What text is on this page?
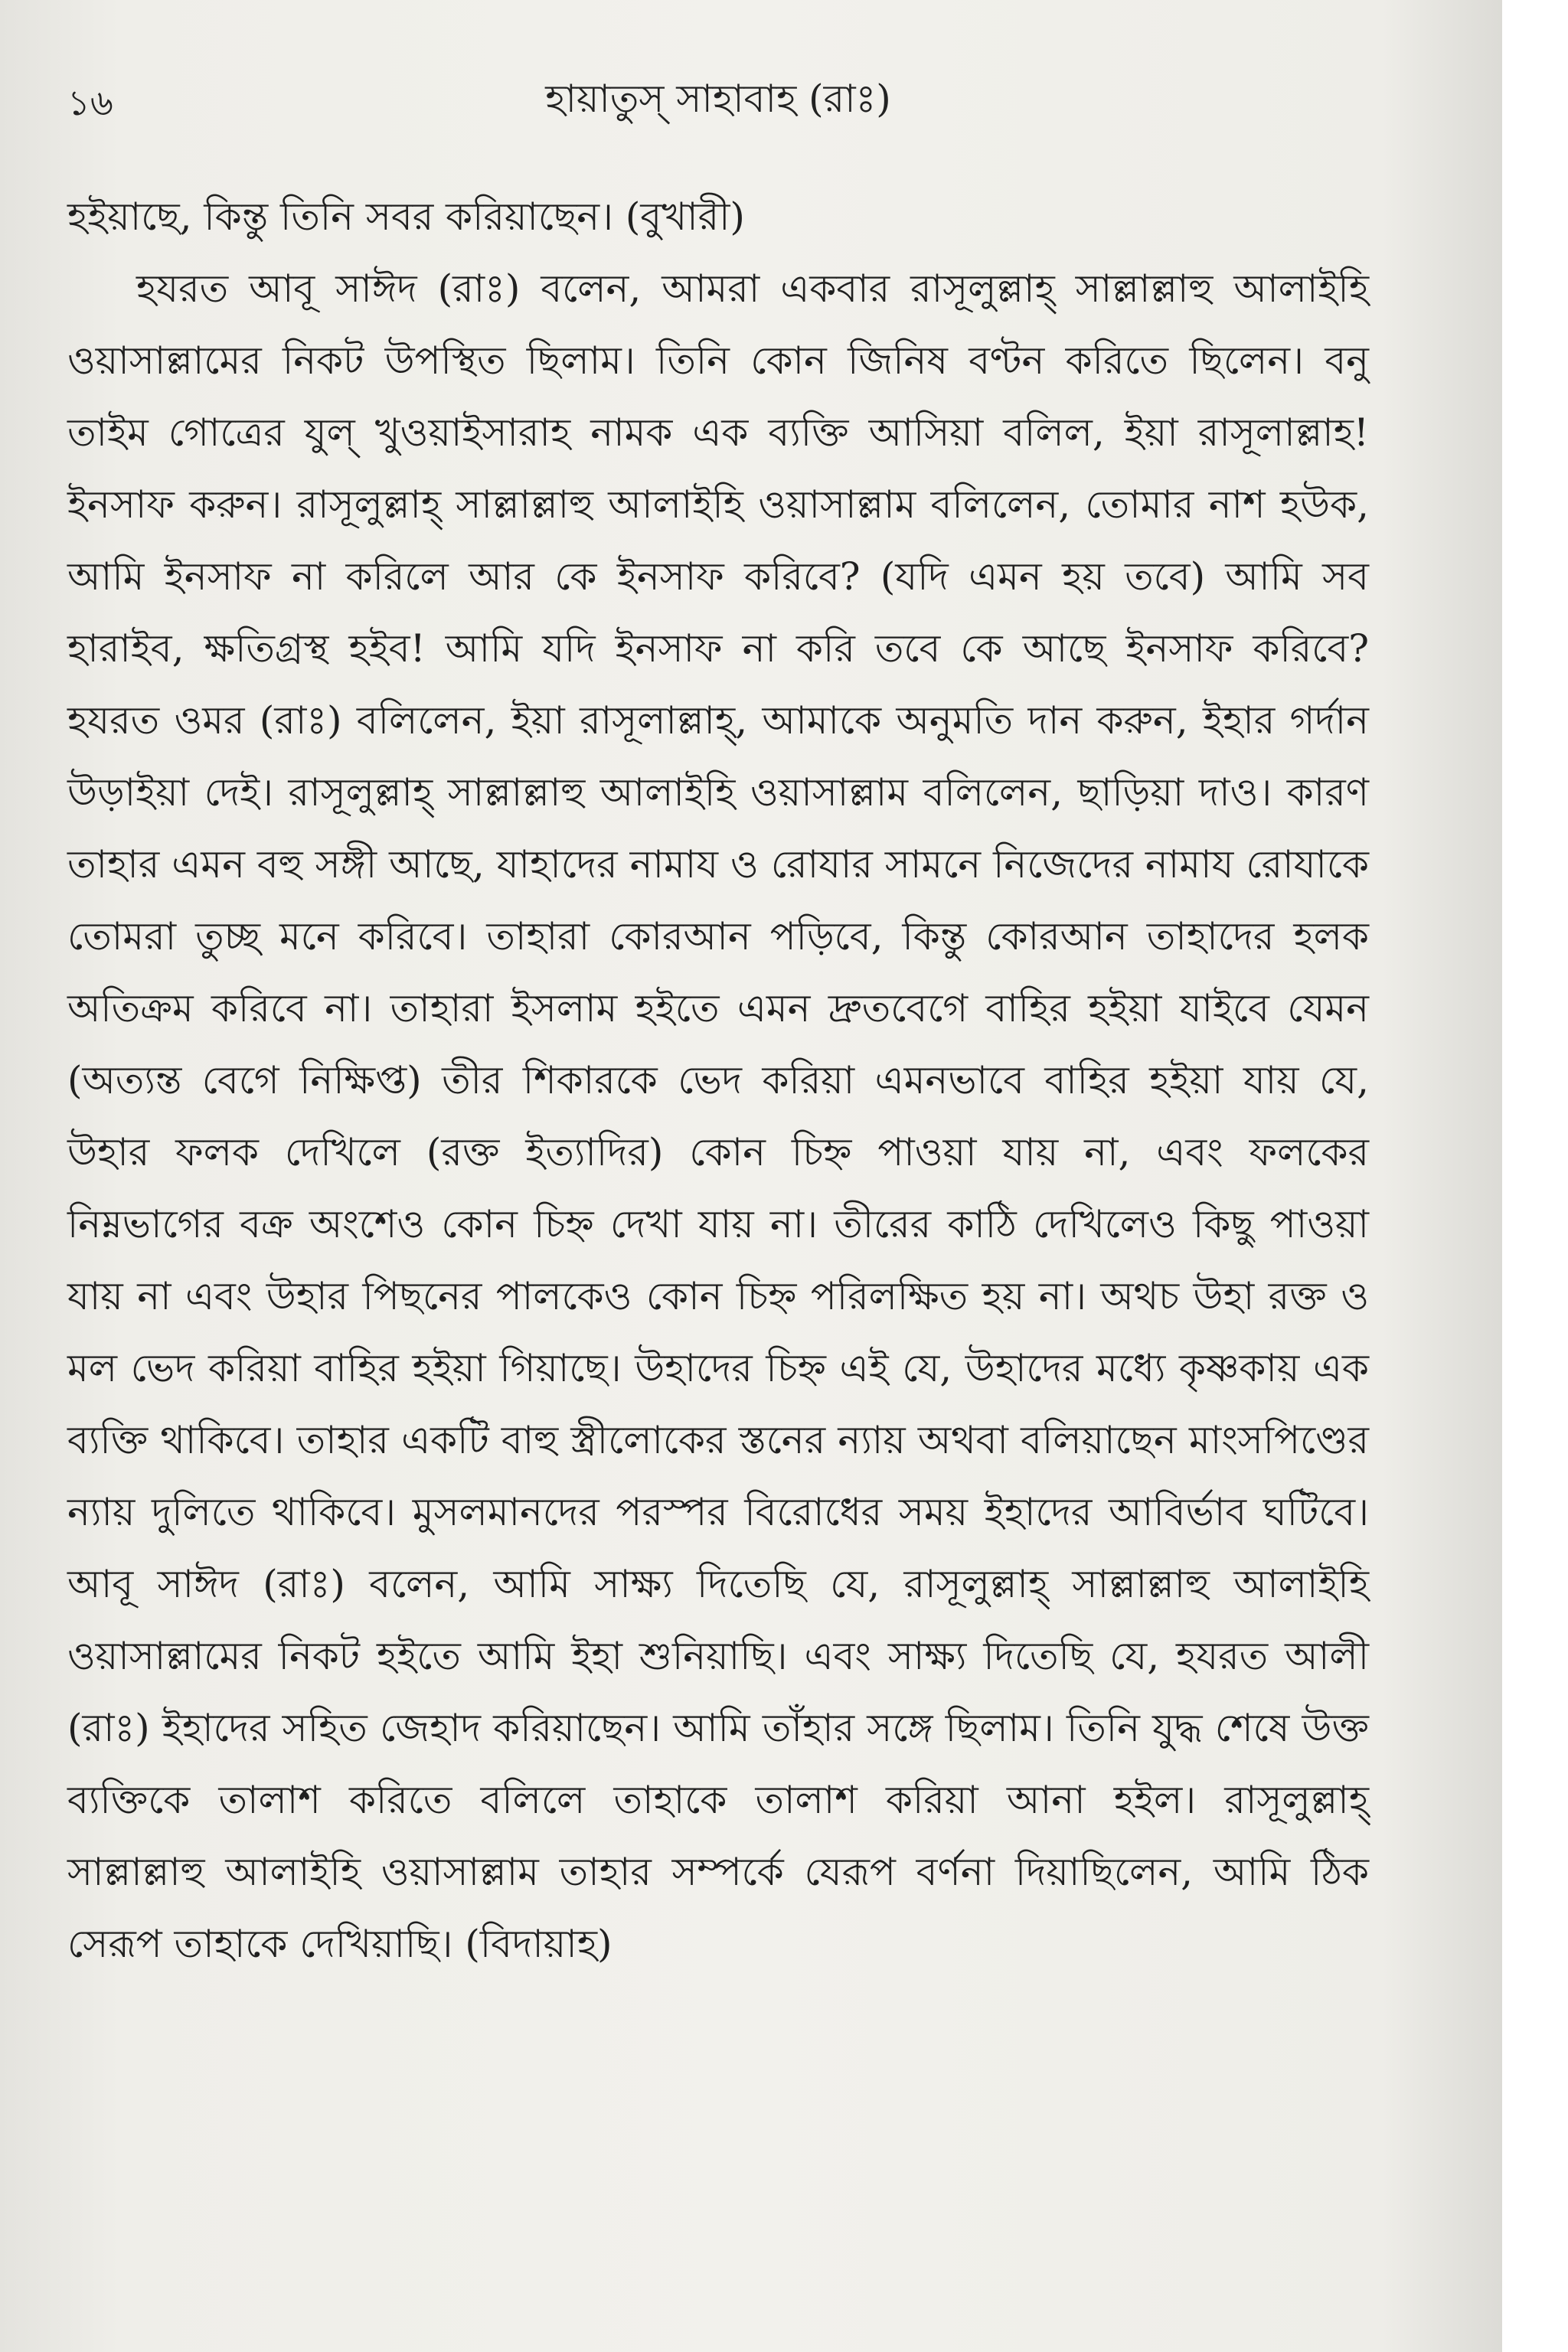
১৬	হায়াতুস্ সাহাবাহ (রাঃ)

হইয়াছে, কিন্তু তিনি সবর করিয়াছেন। (বুখারী)

হযরত আবূ সাঈদ (রাঃ) বলেন, আমরা একবার রাসূলুল্লাহ্ সাল্লাল্লাহু আলাইহি ওয়াসাল্লামের নিকট উপস্থিত ছিলাম। তিনি কোন জিনিষ বণ্টন করিতে ছিলেন। বনু তাইম গোত্রের যুল্ খুওয়াইসারাহ নামক এক ব্যক্তি আসিয়া বলিল, ইয়া রাসূলাল্লাহ! ইনসাফ করুন। রাসূলুল্লাহ্ সাল্লাল্লাহু আলাইহি ওয়াসাল্লাম বলিলেন, তোমার নাশ হউক, আমি ইনসাফ না করিলে আর কে ইনসাফ করিবে? (যদি এমন হয় তবে) আমি সব হারাইব, ক্ষতিগ্রস্থ হইব! আমি যদি ইনসাফ না করি তবে কে আছে ইনসাফ করিবে? হযরত ওমর (রাঃ) বলিলেন, ইয়া রাসূলাল্লাহ্, আমাকে অনুমতি দান করুন, ইহার গর্দান উড়াইয়া দেই। রাসূলুল্লাহ্ সাল্লাল্লাহু আলাইহি ওয়াসাল্লাম বলিলেন, ছাড়িয়া দাও। কারণ তাহার এমন বহু সঙ্গী আছে, যাহাদের নামায ও রোযার সামনে নিজেদের নামায রোযাকে তোমরা তুচ্ছ মনে করিবে। তাহারা কোরআন পড়িবে, কিন্তু কোরআন তাহাদের হলক অতিক্রম করিবে না। তাহারা ইসলাম হইতে এমন দ্রুতবেগে বাহির হইয়া যাইবে যেমন (অত্যন্ত বেগে নিক্ষিপ্ত) তীর শিকারকে ভেদ করিয়া এমনভাবে বাহির হইয়া যায় যে, উহার ফলক দেখিলে (রক্ত ইত্যাদির) কোন চিহ্ন পাওয়া যায় না, এবং ফলকের নিম্নভাগের বক্র অংশেও কোন চিহ্ন দেখা যায় না। তীরের কাঠি দেখিলেও কিছু পাওয়া যায় না এবং উহার পিছনের পালকেও কোন চিহ্ন পরিলক্ষিত হয় না। অথচ উহা রক্ত ও মল ভেদ করিয়া বাহির হইয়া গিয়াছে। উহাদের চিহ্ন এই যে, উহাদের মধ্যে কৃষ্ণকায় এক ব্যক্তি থাকিবে। তাহার একটি বাহু স্ত্রীলোকের স্তনের ন্যায় অথবা বলিয়াছেন মাংসপিণ্ডের ন্যায় দুলিতে থাকিবে। মুসলমানদের পরস্পর বিরোধের সময় ইহাদের আবির্ভাব ঘটিবে। আবূ সাঈদ (রাঃ) বলেন, আমি সাক্ষ্য দিতেছি যে, রাসূলুল্লাহ্ সাল্লাল্লাহু আলাইহি ওয়াসাল্লামের নিকট হইতে আমি ইহা শুনিয়াছি। এবং সাক্ষ্য দিতেছি যে, হযরত আলী (রাঃ) ইহাদের সহিত জেহাদ করিয়াছেন। আমি তাঁহার সঙ্গে ছিলাম। তিনি যুদ্ধ শেষে উক্ত ব্যক্তিকে তালাশ করিতে বলিলে তাহাকে তালাশ করিয়া আনা হইল। রাসূলুল্লাহ্ সাল্লাল্লাহু আলাইহি ওয়াসাল্লাম তাহার সম্পর্কে যেরূপ বর্ণনা দিয়াছিলেন, আমি ঠিক সেরূপ তাহাকে দেখিয়াছি। (বিদায়াহ)
